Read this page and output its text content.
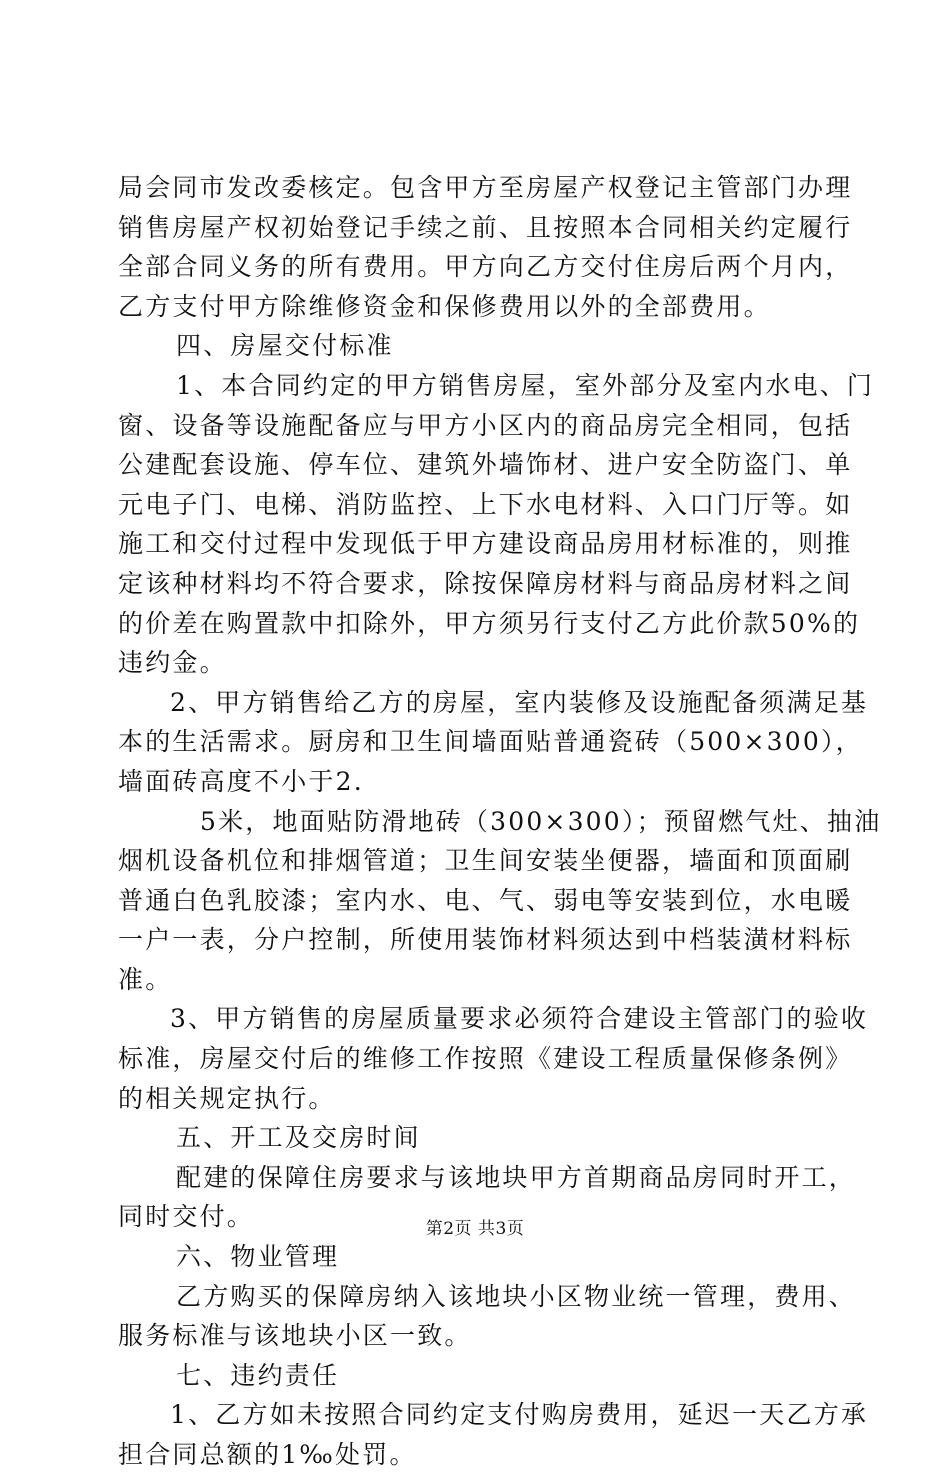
局会同市发改委核定。包含甲方至房屋产权登记主管部门办理
销售房屋产权初始登记手续之前、且按照本合同相关约定履行
全部合同义务的所有费用。甲方向乙方交付住房后两个月内，
乙方支付甲方除维修资金和保修费用以外的全部费用。
四、房屋交付标准
1、本合同约定的甲方销售房屋，室外部分及室内水电、门
窗、设备等设施配备应与甲方小区内的商品房完全相同，包括
公建配套设施、停车位、建筑外墙饰材、进户安全防盗门、单
元电子门、电梯、消防监控、上下水电材料、入口门厅等。如
施工和交付过程中发现低于甲方建设商品房用材标准的，则推
定该种材料均不符合要求，除按保障房材料与商品房材料之间
的价差在购置款中扣除外，甲方须另行支付乙方此价款50%的
违约金。
2、甲方销售给乙方的房屋，室内装修及设施配备须满足基
本的生活需求。厨房和卫生间墙面贴普通瓷砖（500×300），
墙面砖高度不小于2.
5米，地面贴防滑地砖（300×300）；预留燃气灶、抽油
烟机设备机位和排烟管道；卫生间安装坐便器，墙面和顶面刷
普通白色乳胶漆；室内水、电、气、弱电等安装到位，水电暖
一户一表，分户控制，所使用装饰材料须达到中档装潢材料标
准。
3、甲方销售的房屋质量要求必须符合建设主管部门的验收
标准，房屋交付后的维修工作按照《建设工程质量保修条例》
的相关规定执行。
五、开工及交房时间
配建的保障住房要求与该地块甲方首期商品房同时开工，
同时交付。
六、物业管理
乙方购买的保障房纳入该地块小区物业统一管理，费用、
服务标准与该地块小区一致。
七、违约责任
1、乙方如未按照合同约定支付购房费用，延迟一天乙方承
担合同总额的1‰处罚。
第2页 共3页
